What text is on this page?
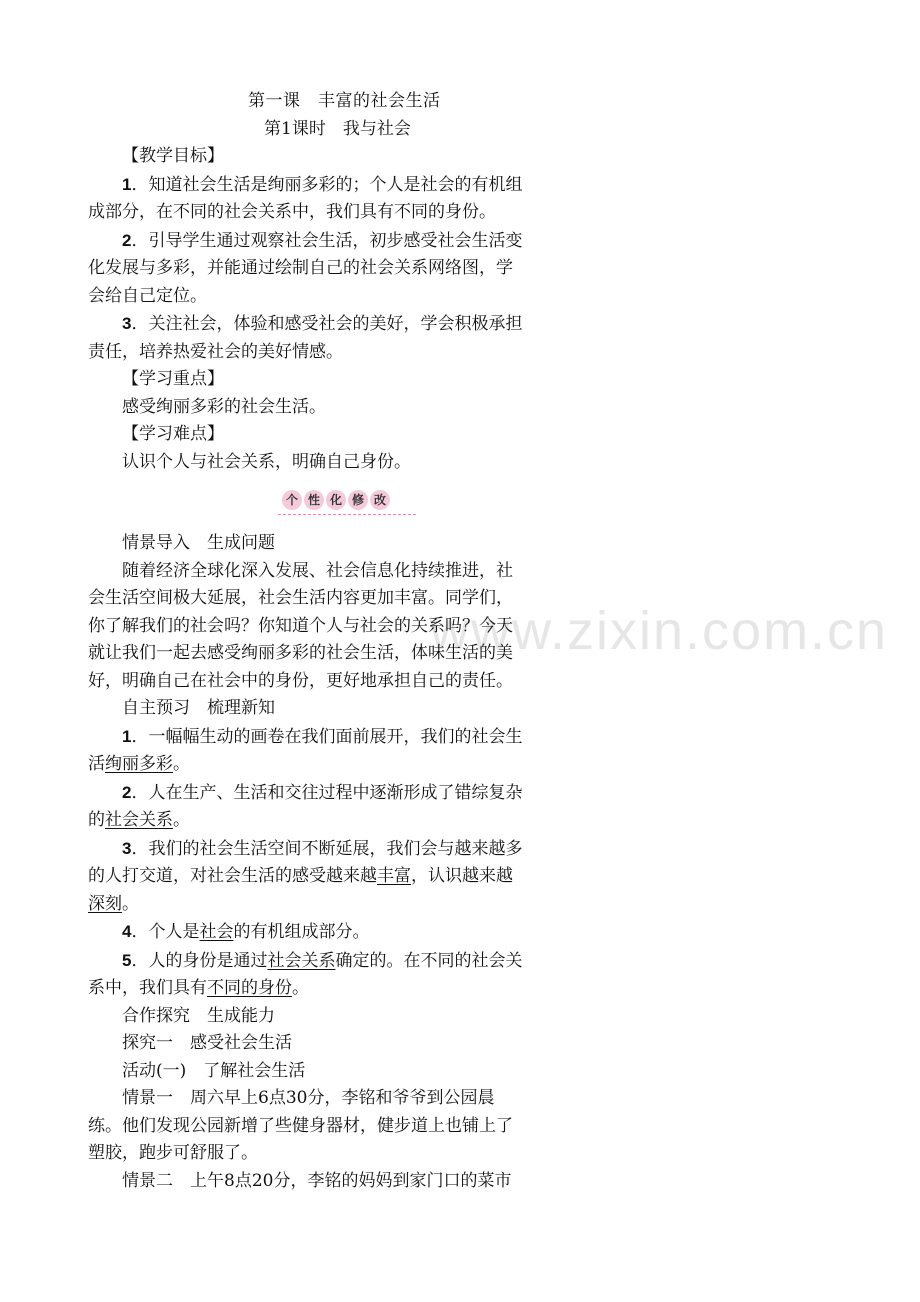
www.zixin.com.cn

第一课　丰富的社会生活

第1课时　我与社会

【教学目标】

1．知道社会生活是绚丽多彩的；个人是社会的有机组

成部分，在不同的社会关系中，我们具有不同的身份。

2．引导学生通过观察社会生活，初步感受社会生活变

化发展与多彩，并能通过绘制自己的社会关系网络图，学

会给自己定位。

3．关注社会，体验和感受社会的美好，学会积极承担

责任，培养热爱社会的美好情感。

【学习重点】

感受绚丽多彩的社会生活。

【学习难点】

认识个人与社会关系，明确自己身份。

个 性 化 修 改

情景导入　生成问题

随着经济全球化深入发展、社会信息化持续推进，社

会生活空间极大延展，社会生活内容更加丰富。同学们，

你了解我们的社会吗？你知道个人与社会的关系吗？今天

就让我们一起去感受绚丽多彩的社会生活，体味生活的美

好，明确自己在社会中的身份，更好地承担自己的责任。

自主预习　梳理新知

1．一幅幅生动的画卷在我们面前展开，我们的社会生

活绚丽多彩。

2．人在生产、生活和交往过程中逐渐形成了错综复杂

的社会关系。

3．我们的社会生活空间不断延展，我们会与越来越多

的人打交道，对社会生活的感受越来越丰富，认识越来越

深刻。

4．个人是社会的有机组成部分。

5．人的身份是通过社会关系确定的。在不同的社会关

系中，我们具有不同的身份。

合作探究　生成能力

探究一　感受社会生活

活动(一)　了解社会生活

情景一　 周六早上6点30分，李铭和爷爷到公园晨

练。他们发现公园新增了些健身器材，健步道上也铺上了

塑胶，跑步可舒服了。

情景二　 上午8点20分，李铭的妈妈到家门口的菜市
